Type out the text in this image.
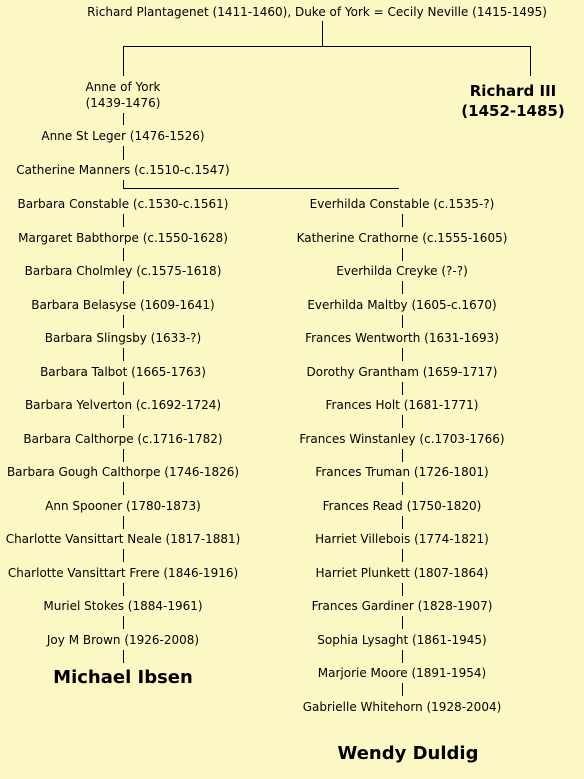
Richard Plantagenet (1411-1460), Duke of York = Cecily Neville (1415-1495)
Anne of York
(1439-1476)
Richard III
(1452-1485)
Anne St Leger (1476-1526)
Catherine Manners (c.1510-c.1547)
Barbara Constable (c.1530-c.1561)
Margaret Babthorpe (c.1550-1628)
Barbara Cholmley (c.1575-1618)
Barbara Belasyse (1609-1641)
Barbara Slingsby (1633-?)
Barbara Talbot (1665-1763)
Barbara Yelverton (c.1692-1724)
Barbara Calthorpe (c.1716-1782)
Barbara Gough Calthorpe (1746-1826)
Ann Spooner (1780-1873)
Charlotte Vansittart Neale (1817-1881)
Charlotte Vansittart Frere (1846-1916)
Muriel Stokes (1884-1961)
Joy M Brown (1926-2008)
Everhilda Constable (c.1535-?)
Katherine Crathorne (c.1555-1605)
Everhilda Creyke (?-?)
Everhilda Maltby (1605-c.1670)
Frances Wentworth (1631-1693)
Dorothy Grantham (1659-1717)
Frances Holt (1681-1771)
Frances Winstanley (c.1703-1766)
Frances Truman (1726-1801)
Frances Read (1750-1820)
Harriet Villebois (1774-1821)
Harriet Plunkett (1807-1864)
Frances Gardiner (1828-1907)
Sophia Lysaght (1861-1945)
Marjorie Moore (1891-1954)
Gabrielle Whitehorn (1928-2004)
Michael Ibsen
Wendy Duldig
